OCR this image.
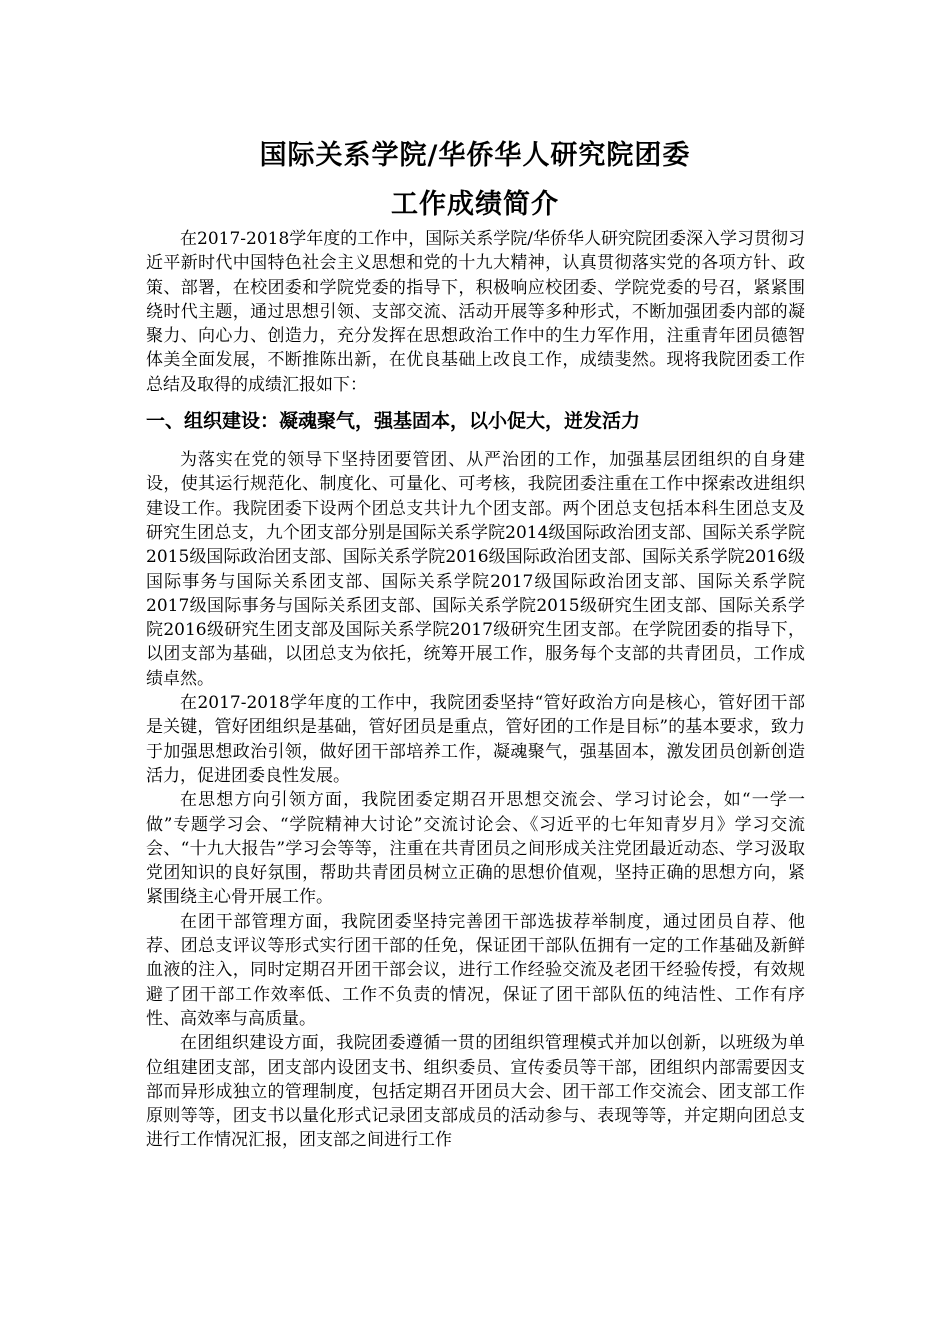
国际关系学院/华侨华人研究院团委
工作成绩简介

在2017-2018学年度的工作中，国际关系学院/华侨华人研究院团委深入学习贯彻习近平新时代中国特色社会主义思想和党的十九大精神，认真贯彻落实党的各项方针、政策、部署，在校团委和学院党委的指导下，积极响应校团委、学院党委的号召，紧紧围绕时代主题，通过思想引领、支部交流、活动开展等多种形式，不断加强团委内部的凝聚力、向心力、创造力，充分发挥在思想政治工作中的生力军作用，注重青年团员德智体美全面发展，不断推陈出新，在优良基础上改良工作，成绩斐然。现将我院团委工作总结及取得的成绩汇报如下：

一、组织建设：凝魂聚气，强基固本，以小促大，迸发活力

为落实在党的领导下坚持团要管团、从严治团的工作，加强基层团组织的自身建设，使其运行规范化、制度化、可量化、可考核，我院团委注重在工作中探索改进组织建设工作。我院团委下设两个团总支共计九个团支部。两个团总支包括本科生团总支及研究生团总支，九个团支部分别是国际关系学院2014级国际政治团支部、国际关系学院2015级国际政治团支部、国际关系学院2016级国际政治团支部、国际关系学院2016级国际事务与国际关系团支部、国际关系学院2017级国际政治团支部、国际关系学院2017级国际事务与国际关系团支部、国际关系学院2015级研究生团支部、国际关系学院2016级研究生团支部及国际关系学院2017级研究生团支部。在学院团委的指导下，以团支部为基础，以团总支为依托，统筹开展工作，服务每个支部的共青团员，工作成绩卓然。

在2017-2018学年度的工作中，我院团委坚持“管好政治方向是核心，管好团干部是关键，管好团组织是基础，管好团员是重点，管好团的工作是目标”的基本要求，致力于加强思想政治引领，做好团干部培养工作，凝魂聚气，强基固本，激发团员创新创造活力，促进团委良性发展。

在思想方向引领方面，我院团委定期召开思想交流会、学习讨论会，如“一学一做”专题学习会、“学院精神大讨论”交流讨论会、《习近平的七年知青岁月》学习交流会、“十九大报告”学习会等等，注重在共青团员之间形成关注党团最近动态、学习汲取党团知识的良好氛围，帮助共青团员树立正确的思想价值观，坚持正确的思想方向，紧紧围绕主心骨开展工作。

在团干部管理方面，我院团委坚持完善团干部选拔荐举制度，通过团员自荐、他荐、团总支评议等形式实行团干部的任免，保证团干部队伍拥有一定的工作基础及新鲜血液的注入，同时定期召开团干部会议，进行工作经验交流及老团干经验传授，有效规避了团干部工作效率低、工作不负责的情况，保证了团干部队伍的纯洁性、工作有序性、高效率与高质量。

在团组织建设方面，我院团委遵循一贯的团组织管理模式并加以创新，以班级为单位组建团支部，团支部内设团支书、组织委员、宣传委员等干部，团组织内部需要因支部而异形成独立的管理制度，包括定期召开团员大会、团干部工作交流会、团支部工作原则等等，团支书以量化形式记录团支部成员的活动参与、表现等等，并定期向团总支进行工作情况汇报，团支部之间进行工作
